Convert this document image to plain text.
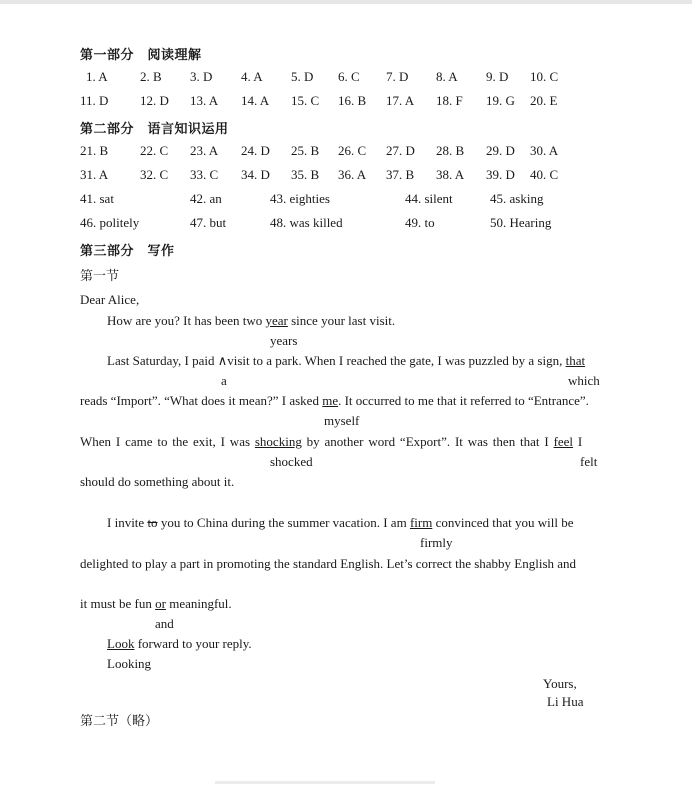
第一部分　阅读理解
1. A 2. B 3. D 4. A 5. D 6. C 7. D 8. A 9. D 10. C
11. D 12. D 13. A 14. A 15. C 16. B 17. A 18. F 19. G 20. E
第二部分　语言知识运用
21. B 22. C 23. A 24. D 25. B 26. C 27. D 28. B 29. D 30. A
31. A 32. C 33. C 34. D 35. B 36. A 37. B 38. A 39. D 40. C
41. sat	42. an	43. eighties	44. silent	45. asking
46. politely	47. but	48. was killed	49. to	50. Hearing
第三部分　写作
第一节
Dear Alice,
How are you? It has been two year since your last visit.
years
Last Saturday, I paid ∧visit to a park. When I reached the gate, I was puzzled by a sign, that
a	which
reads “Import”. “What does it mean?” I asked me. It occurred to me that it referred to “Entrance”.
myself
When I came to the exit, I was shocking by another word “Export”. It was then that I feel I
shocked	felt
should do something about it.
I invite to you to China during the summer vacation. I am firm convinced that you will be
firmly
delighted to play a part in promoting the standard English. Let’s correct the shabby English and
it must be fun or meaningful.
and
Look forward to your reply.
Looking
Yours,
Li Hua
第二节（略）
